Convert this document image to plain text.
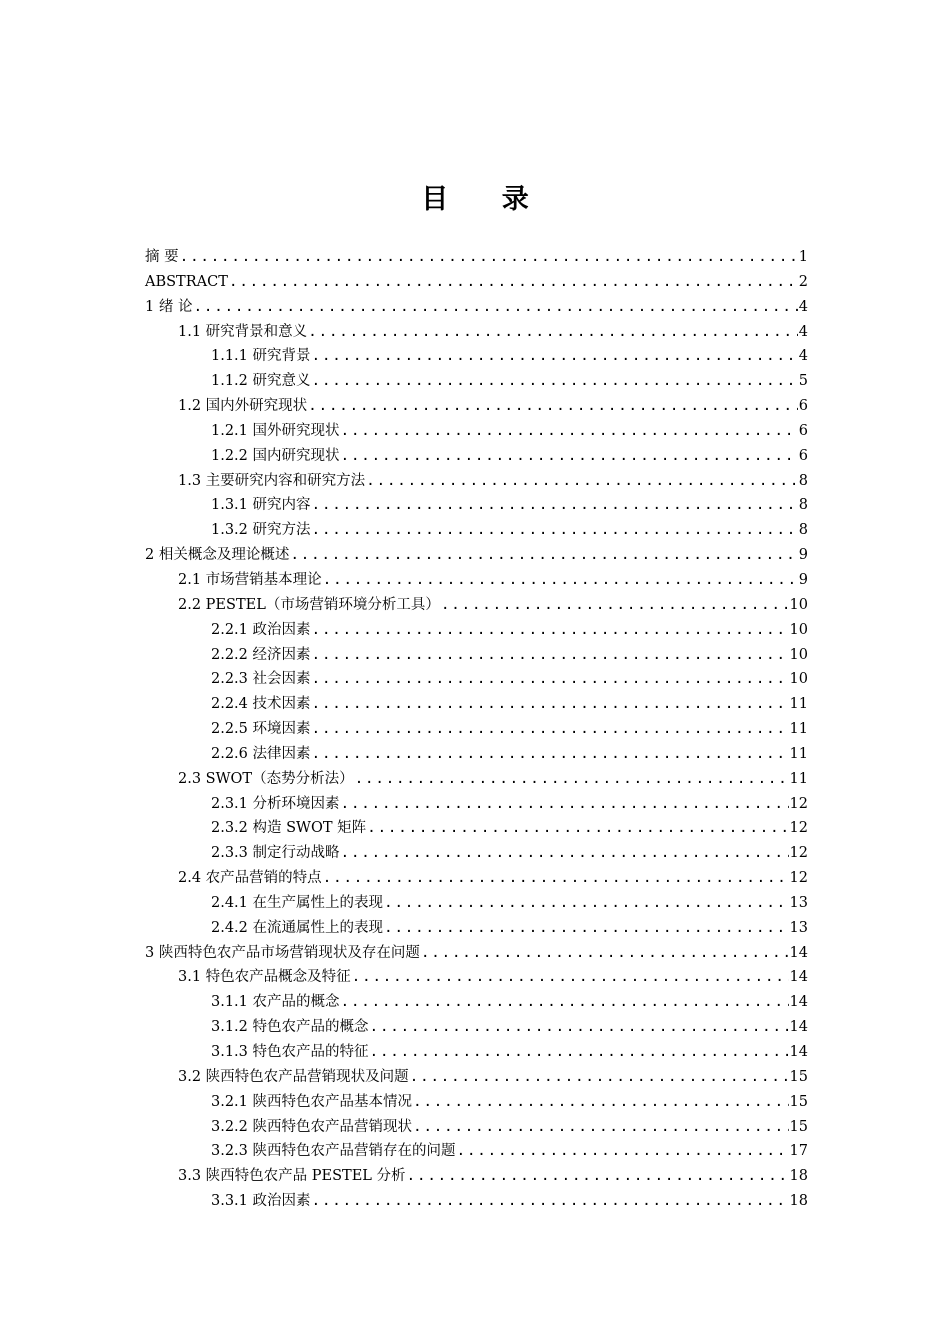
目 录
摘 要 .....	1
ABSTRACT .....	2
1 绪 论 .....	4
1.1 研究背景和意义 .....	4
1.1.1 研究背景 .....	4
1.1.2 研究意义 .....	5
1.2 国内外研究现状 .....	6
1.2.1 国外研究现状 .....	6
1.2.2 国内研究现状 .....	6
1.3 主要研究内容和研究方法 .....	8
1.3.1 研究内容 .....	8
1.3.2 研究方法 .....	8
2 相关概念及理论概述 .....	9
2.1 市场营销基本理论 .....	9
2.2 PESTEL（市场营销环境分析工具） .....	10
2.2.1 政治因素 .....	10
2.2.2 经济因素 .....	10
2.2.3 社会因素 .....	10
2.2.4 技术因素 .....	11
2.2.5 环境因素 .....	11
2.2.6 法律因素 .....	11
2.3 SWOT（态势分析法） .....	11
2.3.1 分析环境因素 .....	12
2.3.2 构造 SWOT 矩阵 .....	12
2.3.3 制定行动战略 .....	12
2.4 农产品营销的特点 .....	12
2.4.1 在生产属性上的表现 .....	13
2.4.2 在流通属性上的表现 .....	13
3 陕西特色农产品市场营销现状及存在问题 .....	14
3.1 特色农产品概念及特征 .....	14
3.1.1 农产品的概念 .....	14
3.1.2 特色农产品的概念 .....	14
3.1.3 特色农产品的特征 .....	14
3.2 陕西特色农产品营销现状及问题 .....	15
3.2.1 陕西特色农产品基本情况 .....	15
3.2.2 陕西特色农产品营销现状 .....	15
3.2.3 陕西特色农产品营销存在的问题 .....	17
3.3 陕西特色农产品 PESTEL 分析 .....	18
3.3.1 政治因素 .....	18
